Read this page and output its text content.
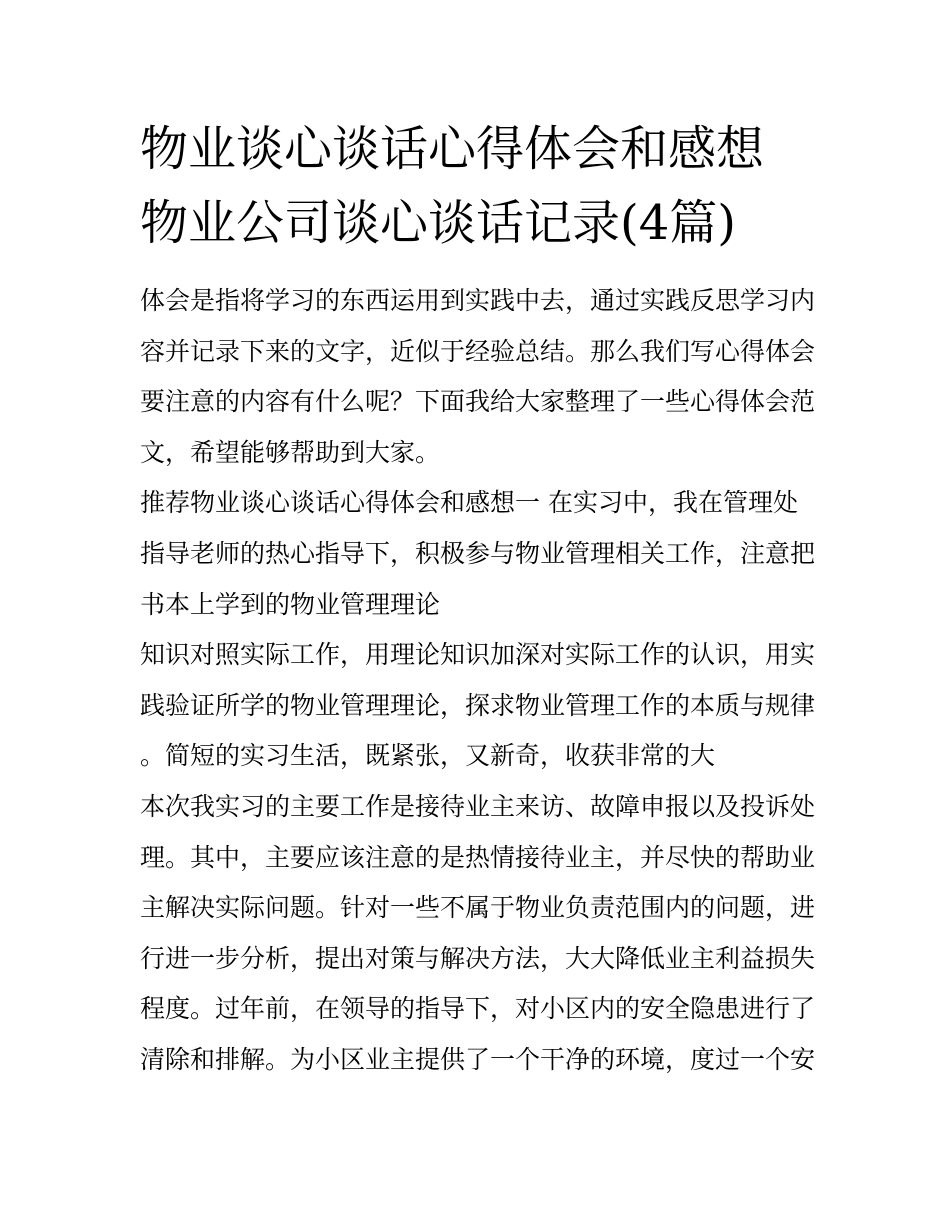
物业谈心谈话心得体会和感想
物业公司谈心谈话记录(4篇)
体会是指将学习的东西运用到实践中去，通过实践反思学习内
容并记录下来的文字，近似于经验总结。那么我们写心得体会
要注意的内容有什么呢？下面我给大家整理了一些心得体会范
文，希望能够帮助到大家。
推荐物业谈心谈话心得体会和感想一 在实习中，我在管理处
指导老师的热心指导下，积极参与物业管理相关工作，注意把
书本上学到的物业管理理论
知识对照实际工作，用理论知识加深对实际工作的认识，用实
践验证所学的物业管理理论，探求物业管理工作的本质与规律
。简短的实习生活，既紧张，又新奇，收获非常的大
本次我实习的主要工作是接待业主来访、故障申报以及投诉处
理。其中，主要应该注意的是热情接待业主，并尽快的帮助业
主解决实际问题。针对一些不属于物业负责范围内的问题，进
行进一步分析，提出对策与解决方法，大大降低业主利益损失
程度。过年前，在领导的指导下，对小区内的安全隐患进行了
清除和排解。为小区业主提供了一个干净的环境，度过一个安
